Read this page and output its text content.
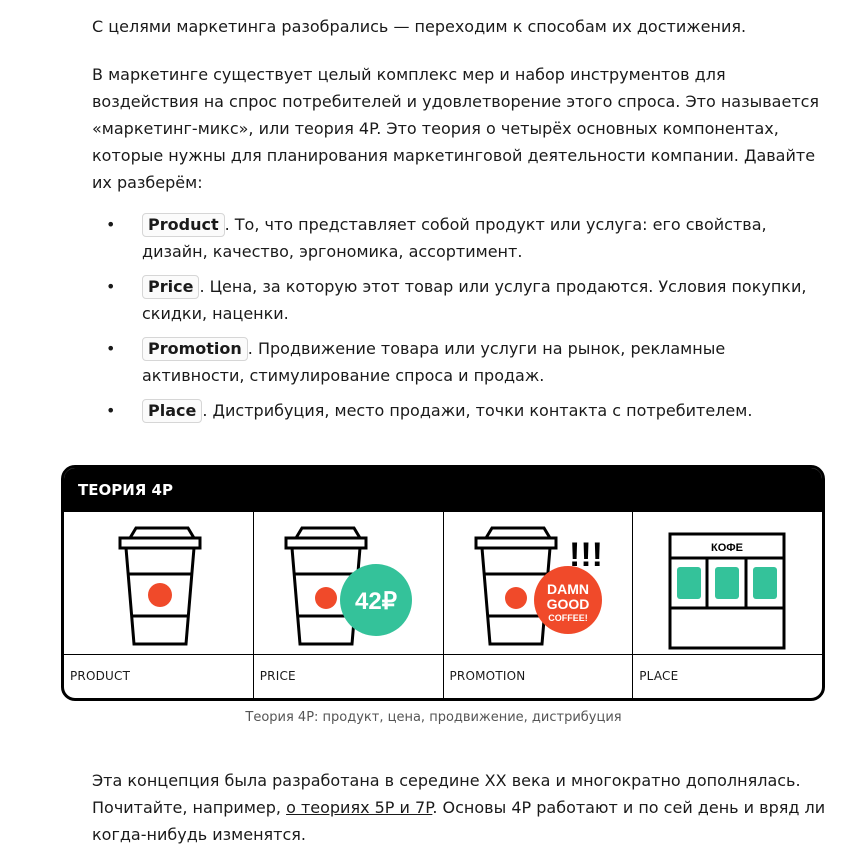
С целями маркетинга разобрались — переходим к способам их достижения.

В маркетинге существует целый комплекс мер и набор инструментов для воздействия на спрос потребителей и удовлетворение этого спроса. Это называется «маркетинг-микс», или теория 4P. Это теория о четырёх основных компонентах, которые нужны для планирования маркетинговой деятельности компании. Давайте их разберём:

• Product . То, что представляет собой продукт или услуга: его свойства, дизайн, качество, эргономика, ассортимент.
• Price . Цена, за которую этот товар или услуга продаются. Условия покупки, скидки, наценки.
• Promotion . Продвижение товара или услуги на рынок, рекламные активности, стимулирование спроса и продаж.
• Place . Дистрибуция, место продажи, точки контакта с потребителем.
ТЕОРИЯ 4P
PRODUCT
42₽
PRICE
!!!
DAMN
GOOD
COFFEE!
PROMOTION
КОФЕ
PLACE
Теория 4P: продукт, цена, продвижение, дистрибуция

Эта концепция была разработана в середине XX века и многократно дополнялась. Почитайте, например, о теориях 5P и 7P. Основы 4P работают и по сей день и вряд ли когда-нибудь изменятся.
